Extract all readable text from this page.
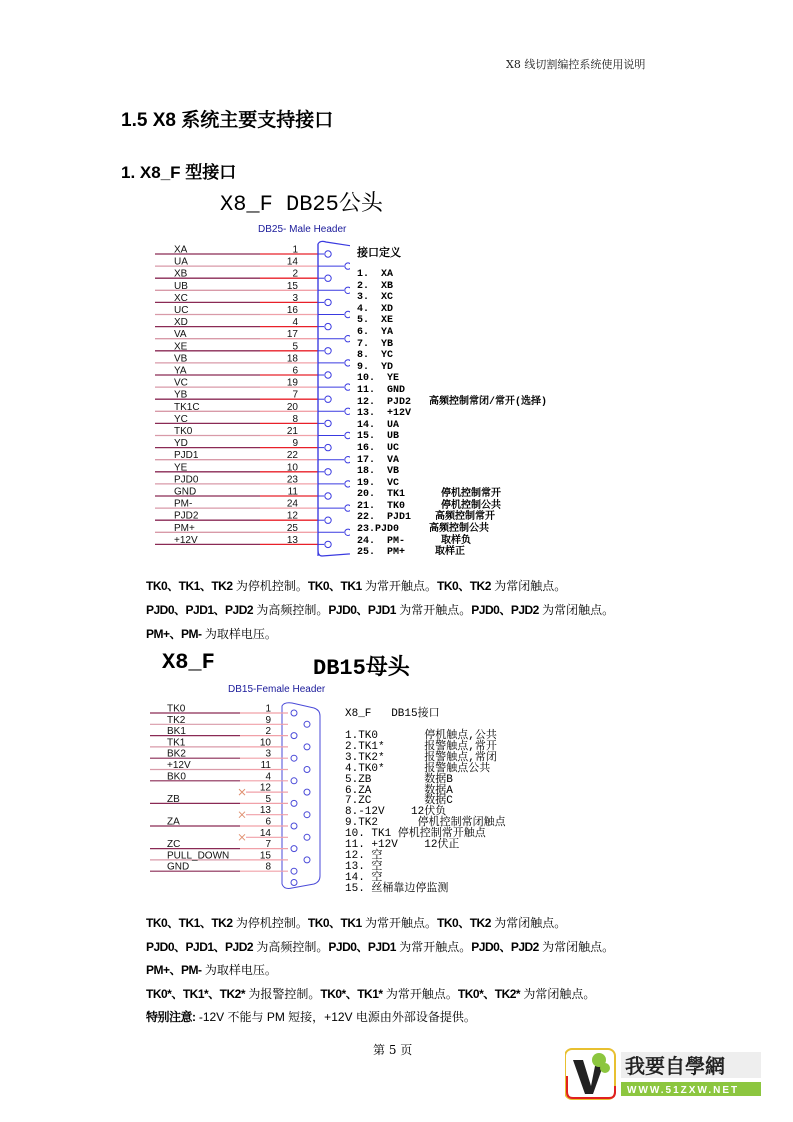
X8 线切割编控系统使用说明
1.5 X8 系统主要支持接口
1. X8_F 型接口
X8_F DB25公头
DB25- Male Header
XA	1
UA	14
XB	2
UB	15
XC	3
UC	16
XD	4
VA	17
XE	5
VB	18
YA	6
VC	19
YB	7
TK1C	20
YC	8
TK0	21
YD	9
PJD1	22
YE	10
PJD0	23
GND	11
PM-	24
PJD2	12
PM+	25
+12V	13
接口定义
1.  XA
2.  XB
3.  XC
4.  XD
5.  XE
6.  YA
7.  YB
8.  YC
9.  YD
10.  YE
11.  GND
12.  PJD2   高频控制常闭/常开(选择)
13.  +12V
14.  UA
15.  UB
16.  UC
17.  VA
18.  VB
19.  VC
20.  TK1      停机控制常开
21.  TK0      停机控制公共
22.  PJD1    高频控制常开
23.PJD0     高频控制公共
24.  PM-      取样负
25.  PM+     取样正
TK0、TK1、TK2 为停机控制。TK0、TK1 为常开触点。TK0、TK2 为常闭触点。
PJD0、PJD1、PJD2 为高频控制。PJD0、PJD1 为常开触点。PJD0、PJD2 为常闭触点。
PM+、PM- 为取样电压。
X8_F	DB15母头
DB15-Female Header
TK0	1
TK2	9
BK1	2
TK1	10
BK2	3
+12V	11
BK0	4
12
ZB	5
13
ZA	6
14
ZC	7
PULL_DOWN	15
GND	8
X8_F   DB15接口
1.TK0       停机触点,公共
2.TK1*      报警触点,常开
3.TK2*      报警触点,常闭
4.TK0*      报警触点公共
5.ZB        数据B
6.ZA        数据A
7.ZC        数据C
8.-12V    12伏负
9.TK2      停机控制常闭触点
10. TK1 停机控制常开触点
11. +12V    12伏正
12. 空
13. 空
14. 空
15. 丝桶靠边停监测
TK0、TK1、TK2 为停机控制。TK0、TK1 为常开触点。TK0、TK2 为常闭触点。
PJD0、PJD1、PJD2 为高频控制。PJD0、PJD1 为常开触点。PJD0、PJD2 为常闭触点。
PM+、PM- 为取样电压。
TK0*、TK1*、TK2* 为报警控制。TK0*、TK1* 为常开触点。TK0*、TK2* 为常闭触点。
特别注意: -12V 不能与 PM 短接，+12V 电源由外部设备提供。
第 5 页
我要自學網
WWW.51ZXW.NET
